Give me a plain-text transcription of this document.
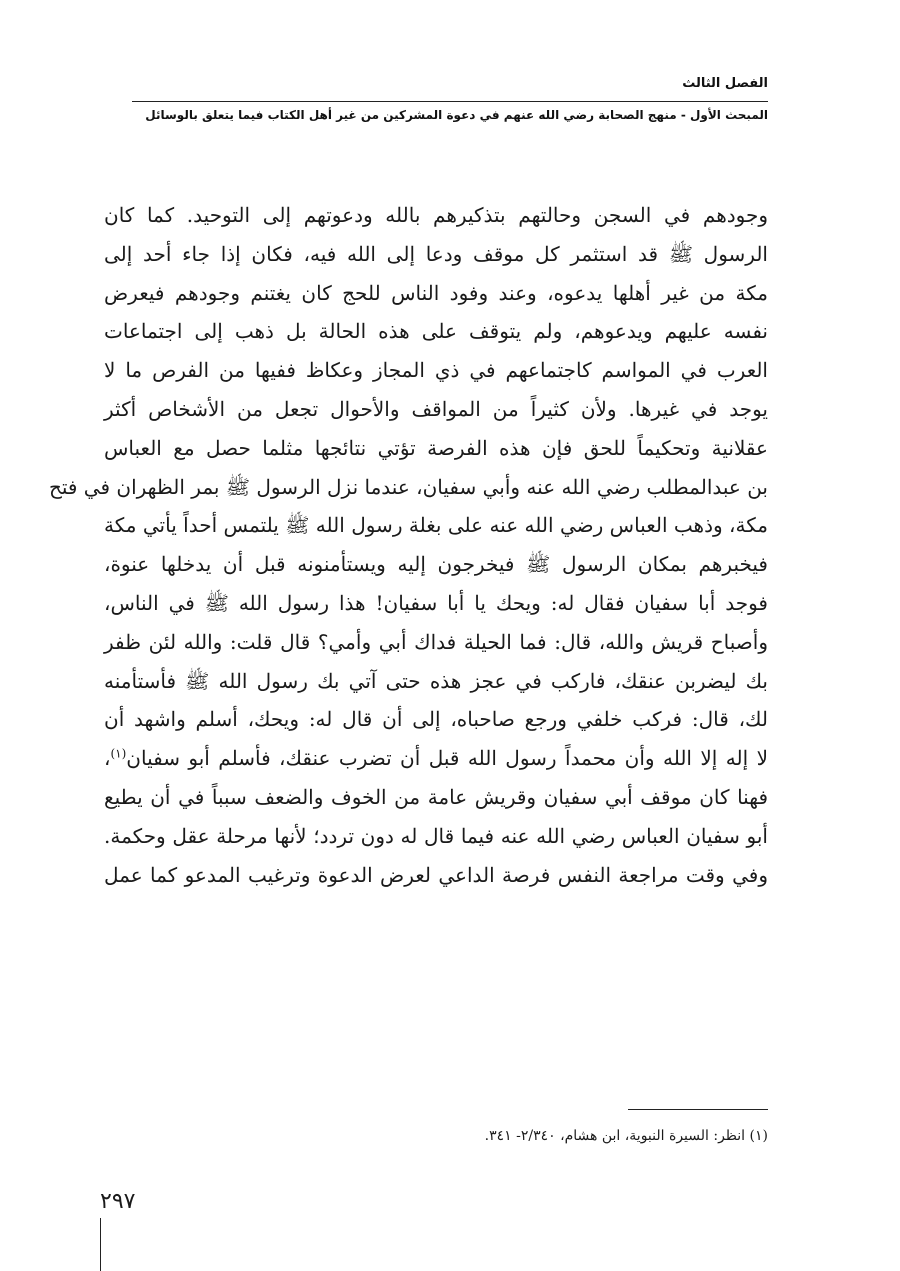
الفصل الثالث
المبحث الأول - منهج الصحابة رضي الله عنهم في دعوة المشركين من غير أهل الكتاب فيما يتعلق بالوسائل
وجودهم في السجن وحالتهم بتذكيرهم بالله ودعوتهم إلى التوحيد. كما كان
الرسول ﷺ قد استثمر كل موقف ودعا إلى الله فيه، فكان إذا جاء أحد إلى
مكة من غير أهلها يدعوه، وعند وفود الناس للحج كان يغتنم وجودهم فيعرض
نفسه عليهم ويدعوهم، ولم يتوقف على هذه الحالة بل ذهب إلى اجتماعات
العرب في المواسم كاجتماعهم في ذي المجاز وعكاظ ففيها من الفرص ما لا
يوجد في غيرها. ولأن كثيراً من المواقف والأحوال تجعل من الأشخاص أكثر
عقلانية وتحكيماً للحق فإن هذه الفرصة تؤتي نتائجها مثلما حصل مع العباس
بن عبدالمطلب رضي الله عنه وأبي سفيان، عندما نزل الرسول ﷺ بمر الظهران في فتح
مكة، وذهب العباس رضي الله عنه على بغلة رسول الله ﷺ يلتمس أحداً يأتي مكة
فيخبرهم بمكان الرسول ﷺ فيخرجون إليه ويستأمنونه قبل أن يدخلها عنوة،
فوجد أبا سفيان فقال له: ويحك يا أبا سفيان! هذا رسول الله ﷺ في الناس،
وأصباح قريش والله، قال: فما الحيلة فداك أبي وأمي؟ قال قلت: والله لئن ظفر
بك ليضربن عنقك، فاركب في عجز هذه حتى آتي بك رسول الله ﷺ فأستأمنه
لك، قال: فركب خلفي ورجع صاحباه، إلى أن قال له: ويحك، أسلم واشهد أن
لا إله إلا الله وأن محمداً رسول الله قبل أن تضرب عنقك، فأسلم أبو سفيان$^{(١)}$،
فهنا كان موقف أبي سفيان وقريش عامة من الخوف والضعف سبباً في أن يطيع
أبو سفيان العباس رضي الله عنه فيما قال له دون تردد؛ لأنها مرحلة عقل وحكمة.
وفي وقت مراجعة النفس فرصة الداعي لعرض الدعوة وترغيب المدعو كما عمل
(١) انظر: السيرة النبوية، ابن هشام، ٢/٣٤٠- ٣٤١.
٢٩٧
